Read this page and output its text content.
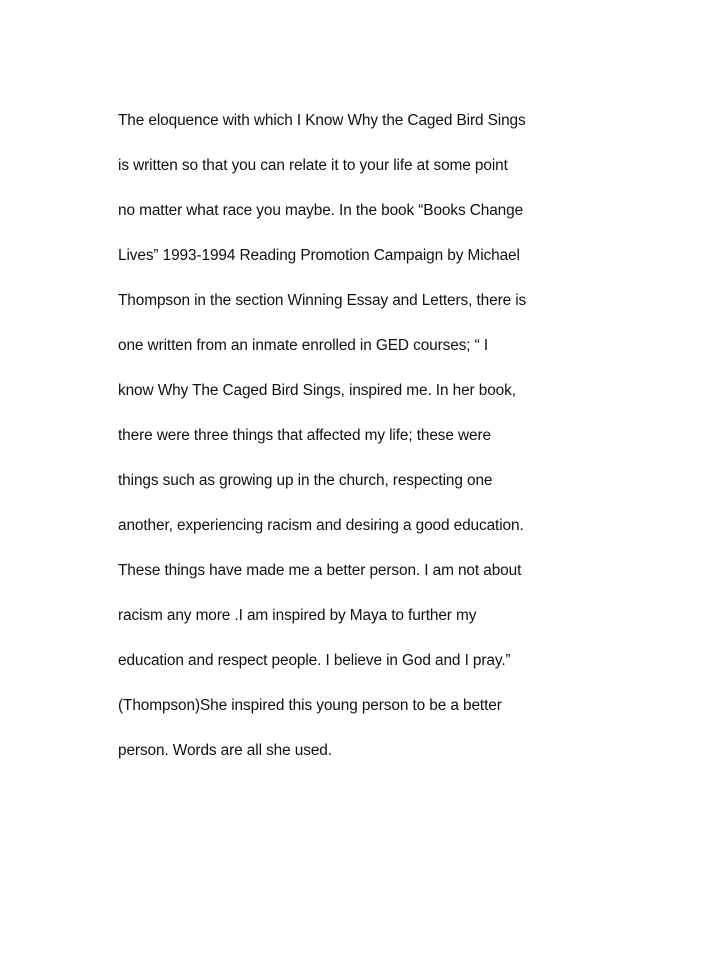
The eloquence with which I Know Why the Caged Bird Sings
is written so that you can relate it to your life at some point
no matter what race you maybe. In the book “Books Change
Lives” 1993-1994 Reading Promotion Campaign by Michael
Thompson in the section Winning Essay and Letters, there is
one written from an inmate enrolled in GED courses; “ I
know Why The Caged Bird Sings, inspired me. In her book,
there were three things that affected my life; these were
things such as growing up in the church, respecting one
another, experiencing racism and desiring a good education.
These things have made me a better person. I am not about
racism any more .I am inspired by Maya to further my
education and respect people. I believe in God and I pray.”
(Thompson)She inspired this young person to be a better
person. Words are all she used.
